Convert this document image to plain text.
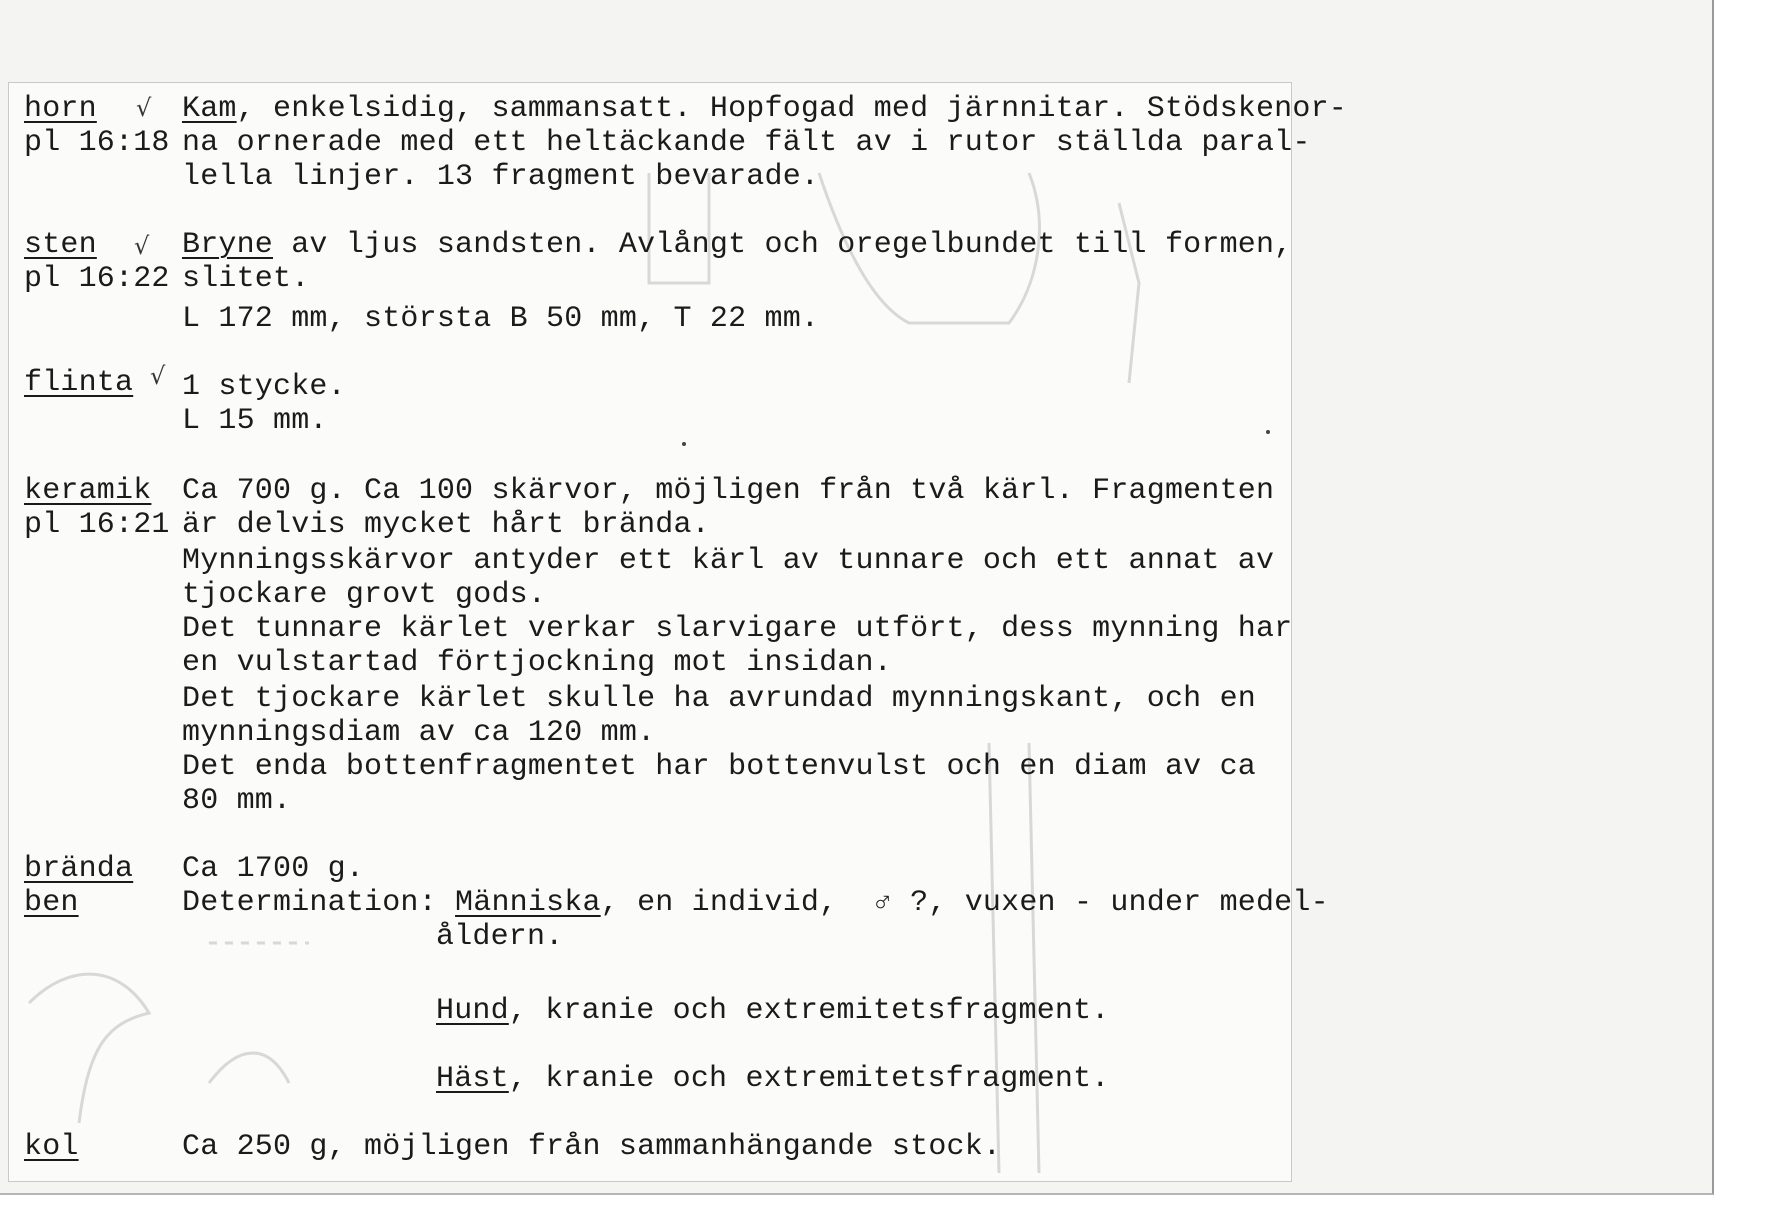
horn √
pl 16:18
Kam, enkelsidig, sammansatt. Hopfogad med järnnitar. Stödskenor-
na ornerade med ett heltäckande fält av i rutor ställda paral-
lella linjer. 13 fragment bevarade.
sten √
pl 16:22
Bryne av ljus sandsten. Avlångt och oregelbundet till formen,
slitet.
L 172 mm, största B 50 mm, T 22 mm.
flinta √ 1 stycke.
L 15 mm.
keramik
pl 16:21
Ca 700 g. Ca 100 skärvor, möjligen från två kärl. Fragmenten
är delvis mycket hårt brända.
Mynningsskärvor antyder ett kärl av tunnare och ett annat av
tjockare grovt gods.
Det tunnare kärlet verkar slarvigare utfört, dess mynning har
en vulstartad förtjockning mot insidan.
Det tjockare kärlet skulle ha avrundad mynningskant, och en
mynningsdiam av ca 120 mm.
Det enda bottenfragmentet har bottenvulst och en diam av ca
80 mm.
brända
ben
Ca 1700 g.
Determination: Människa, en individ,  ♂ ?, vuxen - under medel-
åldern.
Hund, kranie och extremitetsfragment.
Häst, kranie och extremitetsfragment.
kol	Ca 250 g, möjligen från sammanhängande stock.
